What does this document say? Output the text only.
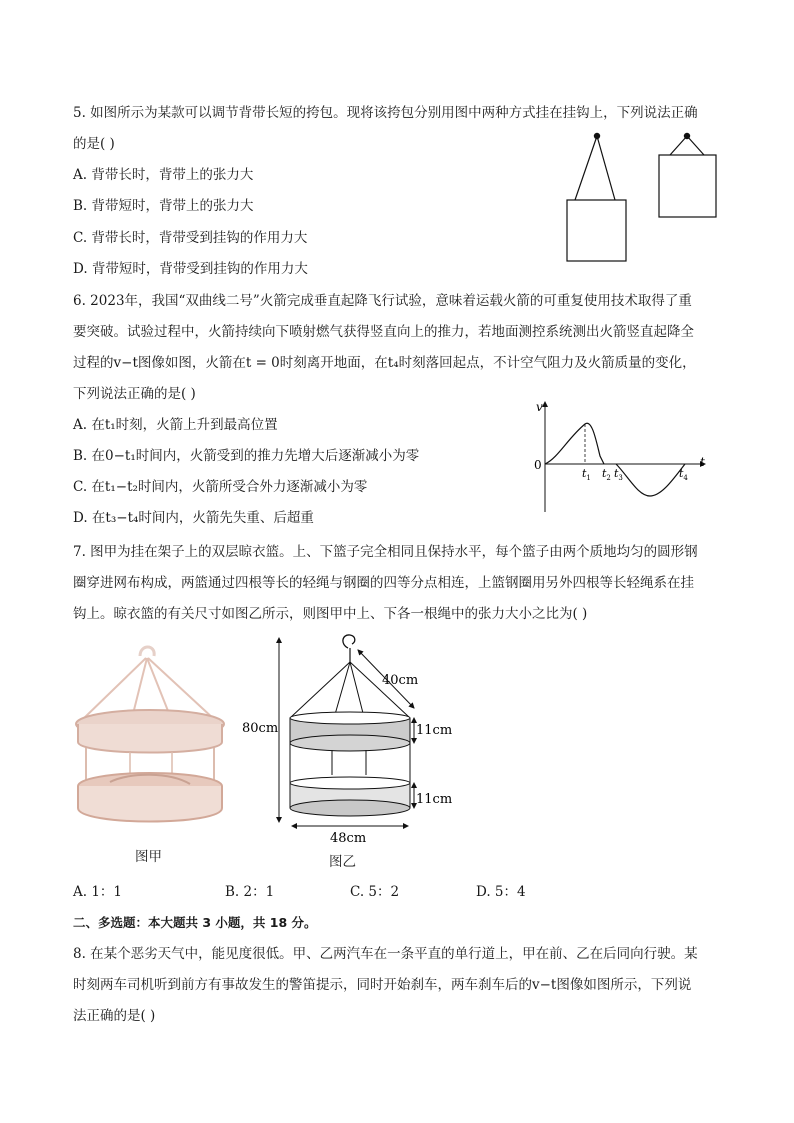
5. 如图所示为某款可以调节背带长短的挎包。现将该挎包分别用图中两种方式挂在挂钩上，下列说法正确
的是( )
A. 背带长时，背带上的张力大
B. 背带短时，背带上的张力大
C. 背带长时，背带受到挂钩的作用力大
D. 背带短时，背带受到挂钩的作用力大
6. 2023年，我国“双曲线二号”火箭完成垂直起降飞行试验，意味着运载火箭的可重复使用技术取得了重
要突破。试验过程中，火箭持续向下喷射燃气获得竖直向上的推力，若地面测控系统测出火箭竖直起降全
过程的v−t图像如图，火箭在t = 0时刻离开地面，在t₄时刻落回起点，不计空气阻力及火箭质量的变化，
下列说法正确的是( )
A. 在t₁时刻，火箭上升到最高位置
B. 在0−t₁时间内，火箭受到的推力先增大后逐渐减小为零
C. 在t₁−t₂时间内，火箭所受合外力逐渐减小为零
D. 在t₃−t₄时间内，火箭先失重、后超重
v
t
0
$t_1$ $t_2$ $t_3$	$t_4$
7. 图甲为挂在架子上的双层晾衣篮。上、下篮子完全相同且保持水平，每个篮子由两个质地均匀的圆形钢
圈穿进网布构成，两篮通过四根等长的轻绳与钢圈的四等分点相连，上篮钢圈用另外四根等长轻绳系在挂
钩上。晾衣篮的有关尺寸如图乙所示，则图甲中上、下各一根绳中的张力大小之比为( )
图甲
80cm
40cm
11cm
11cm
48cm
图乙
A. 1：1	B. 2：1	C. 5：2	D. 5：4
二、多选题：本大题共 3 小题，共 18 分。
8. 在某个恶劣天气中，能见度很低。甲、乙两汽车在一条平直的单行道上，甲在前、乙在后同向行驶。某
时刻两车司机听到前方有事故发生的警笛提示，同时开始刹车，两车刹车后的v−t图像如图所示，下列说
法正确的是( )
